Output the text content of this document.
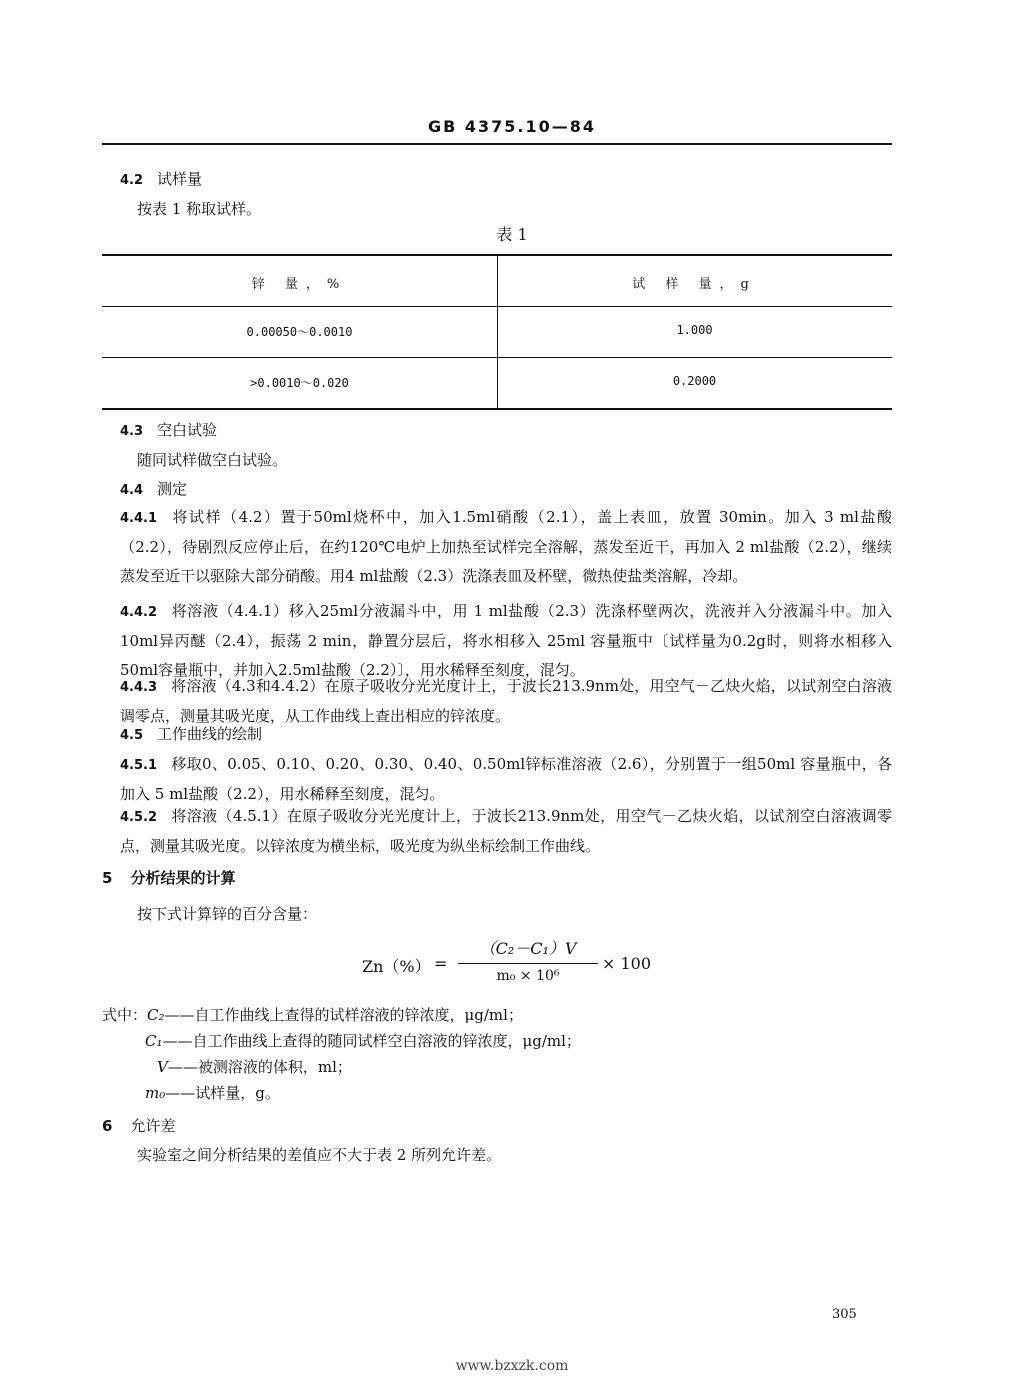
GB 4375.10—84
4.2 试样量
按表 1 称取试样。
表 1
锌 量，%	试 样 量，g
0.00050～0.0010	1.000
>0.0010～0.020	0.2000
4.3 空白试验
随同试样做空白试验。
4.4 测定
4.4.1 将试样（4.2）置于50ml烧杯中，加入1.5ml硝酸（2.1），盖上表皿，放置 30min。加入 3 ml盐酸（2.2），待剧烈反应停止后，在约120℃电炉上加热至试样完全溶解，蒸发至近干，再加入 2 ml盐酸（2.2），继续蒸发至近干以驱除大部分硝酸。用4 ml盐酸（2.3）洗涤表皿及杯壁，微热使盐类溶解，冷却。
4.4.2 将溶液（4.4.1）移入25ml分液漏斗中，用 1 ml盐酸（2.3）洗涤杯壁两次，洗液并入分液漏斗中。加入10ml异丙醚（2.4），振荡 2 min，静置分层后，将水相移入 25ml 容量瓶中〔试样量为0.2g时，则将水相移入50ml容量瓶中，并加入2.5ml盐酸（2.2）〕，用水稀释至刻度，混匀。
4.4.3 将溶液（4.3和4.4.2）在原子吸收分光光度计上，于波长213.9nm处，用空气－乙炔火焰，以试剂空白溶液调零点，测量其吸光度，从工作曲线上查出相应的锌浓度。
4.5 工作曲线的绘制
4.5.1 移取0、0.05、0.10、0.20、0.30、0.40、0.50ml锌标准溶液（2.6），分别置于一组50ml 容量瓶中，各加入 5 ml盐酸（2.2），用水稀释至刻度，混匀。
4.5.2 将溶液（4.5.1）在原子吸收分光光度计上，于波长213.9nm处，用空气－乙炔火焰，以试剂空白溶液调零点，测量其吸光度。以锌浓度为横坐标，吸光度为纵坐标绘制工作曲线。
5 分析结果的计算
按下式计算锌的百分含量：
Zn（%） =
（C₂－C₁）V
m₀ × 10⁶
× 100
式中：C₂——自工作曲线上查得的试样溶液的锌浓度，μg/ml；
C₁——自工作曲线上查得的随同试样空白溶液的锌浓度，μg/ml；
V——被测溶液的体积，ml；
m₀——试样量，g。
6 允许差
实验室之间分析结果的差值应不大于表 2 所列允许差。
305
www.bzxzk.com
